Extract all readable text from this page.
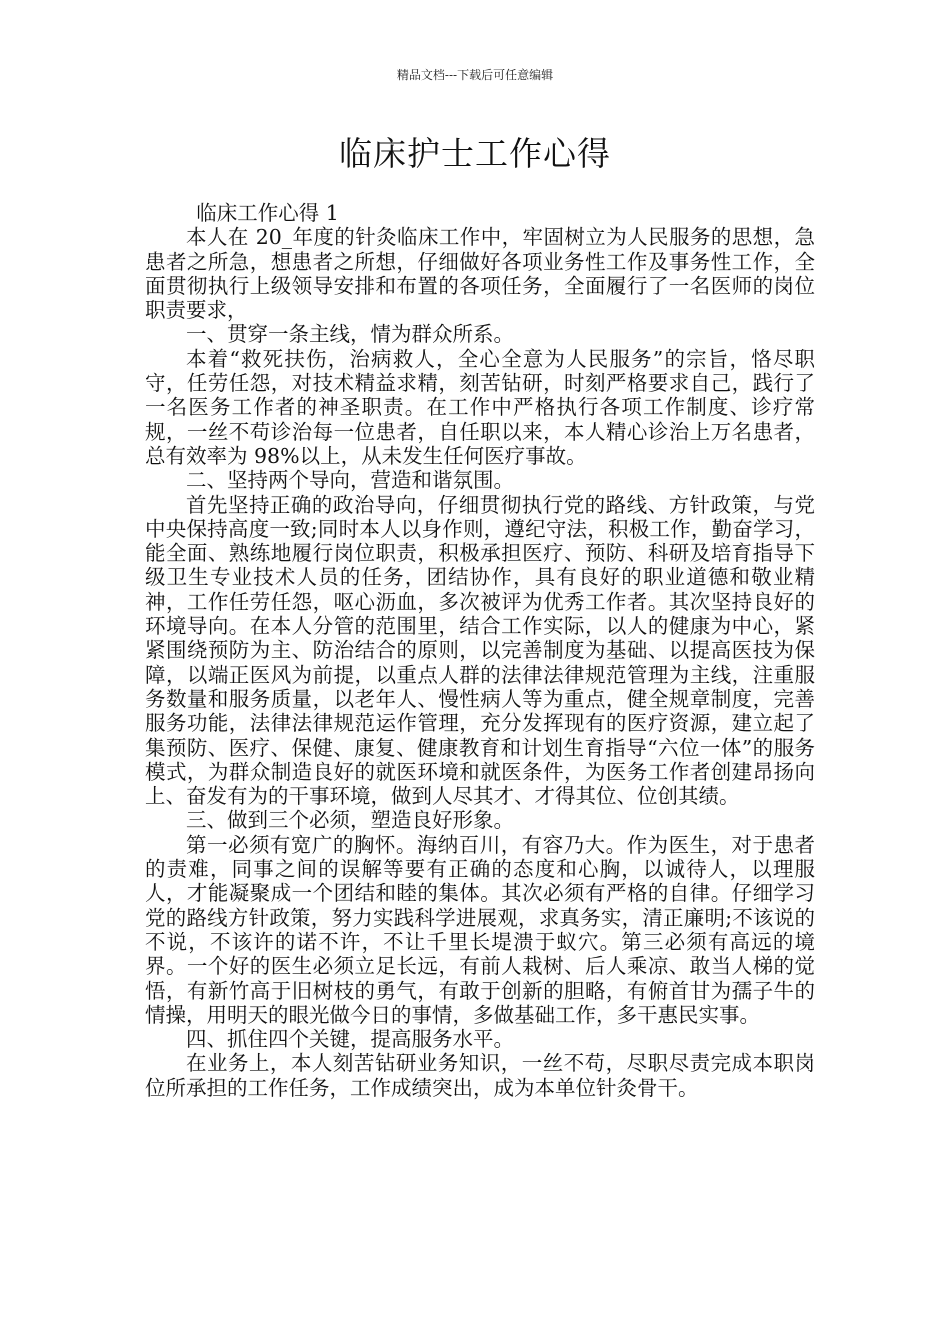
精品文档---下载后可任意编辑
临床护士工作心得

临床工作心得 1

本人在 20_年度的针灸临床工作中，牢固树立为人民服务的思想，急患者之所急，想患者之所想，仔细做好各项业务性工作及事务性工作，全面贯彻执行上级领导安排和布置的各项任务，全面履行了一名医师的岗位职责要求，

一、贯穿一条主线，情为群众所系。

本着“救死扶伤，治病救人，全心全意为人民服务”的宗旨，恪尽职守，任劳任怨，对技术精益求精，刻苦钻研，时刻严格要求自己，践行了一名医务工作者的神圣职责。在工作中严格执行各项工作制度、诊疗常规，一丝不苟诊治每一位患者，自任职以来，本人精心诊治上万名患者，总有效率为 98%以上，从未发生任何医疗事故。

二、坚持两个导向，营造和谐氛围。

首先坚持正确的政治导向，仔细贯彻执行党的路线、方针政策，与党中央保持高度一致;同时本人以身作则，遵纪守法，积极工作，勤奋学习，能全面、熟练地履行岗位职责，积极承担医疗、预防、科研及培育指导下级卫生专业技术人员的任务，团结协作，具有良好的职业道德和敬业精神，工作任劳任怨，呕心沥血，多次被评为优秀工作者。其次坚持良好的环境导向。在本人分管的范围里，结合工作实际，以人的健康为中心，紧紧围绕预防为主、防治结合的原则，以完善制度为基础、以提高医技为保障，以端正医风为前提，以重点人群的法律法律规范管理为主线，注重服务数量和服务质量，以老年人、慢性病人等为重点，健全规章制度，完善服务功能，法律法律规范运作管理，充分发挥现有的医疗资源，建立起了集预防、医疗、保健、康复、健康教育和计划生育指导“六位一体”的服务模式，为群众制造良好的就医环境和就医条件，为医务工作者创建昂扬向上、奋发有为的干事环境，做到人尽其才、才得其位、位创其绩。

三、做到三个必须，塑造良好形象。

第一必须有宽广的胸怀。海纳百川，有容乃大。作为医生，对于患者的责难，同事之间的误解等要有正确的态度和心胸，以诚待人，以理服人，才能凝聚成一个团结和睦的集体。其次必须有严格的自律。仔细学习党的路线方针政策，努力实践科学进展观，求真务实，清正廉明;不该说的不说，不该许的诺不许，不让千里长堤溃于蚁穴。第三必须有高远的境界。一个好的医生必须立足长远，有前人栽树、后人乘凉、敢当人梯的觉悟，有新竹高于旧树枝的勇气，有敢于创新的胆略，有俯首甘为孺子牛的情操，用明天的眼光做今日的事情，多做基础工作，多干惠民实事。

四、抓住四个关键，提高服务水平。

在业务上，本人刻苦钻研业务知识，一丝不苟，尽职尽责完成本职岗位所承担的工作任务，工作成绩突出，成为本单位针灸骨干。
